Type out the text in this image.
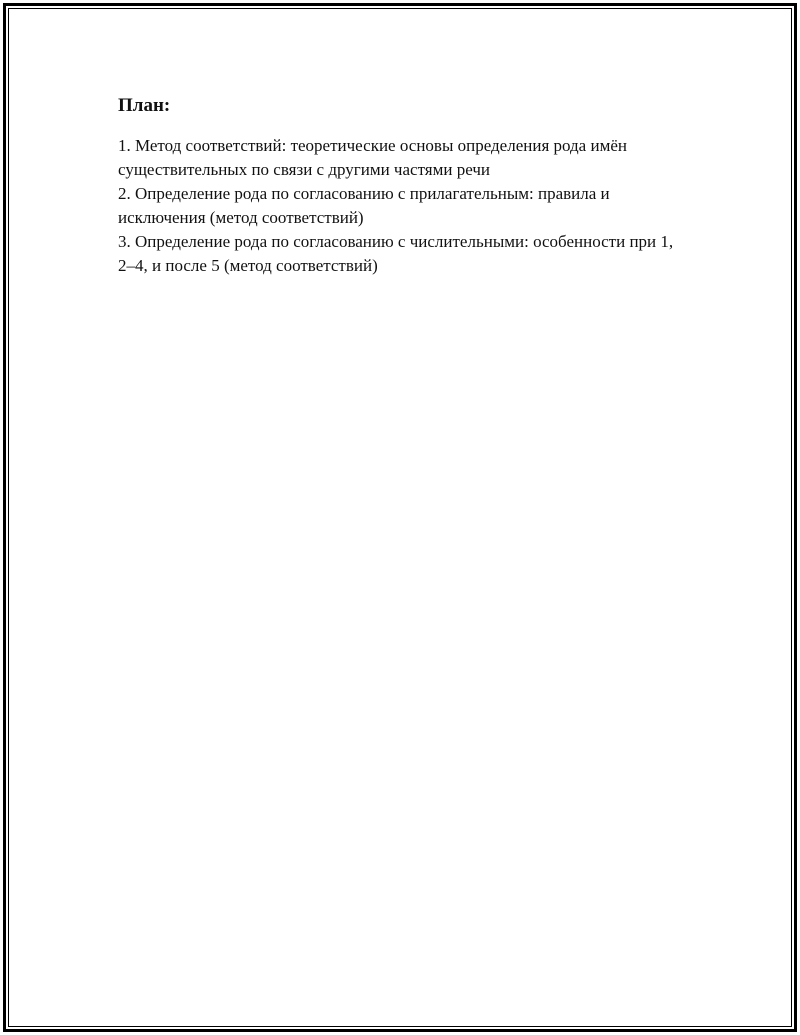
План:
1. Метод соответствий: теоретические основы определения рода имён существительных по связи с другими частями речи
2. Определение рода по согласованию с прилагательным: правила и исключения (метод соответствий)
3. Определение рода по согласованию с числительными: особенности при 1, 2–4, и после 5 (метод соответствий)
